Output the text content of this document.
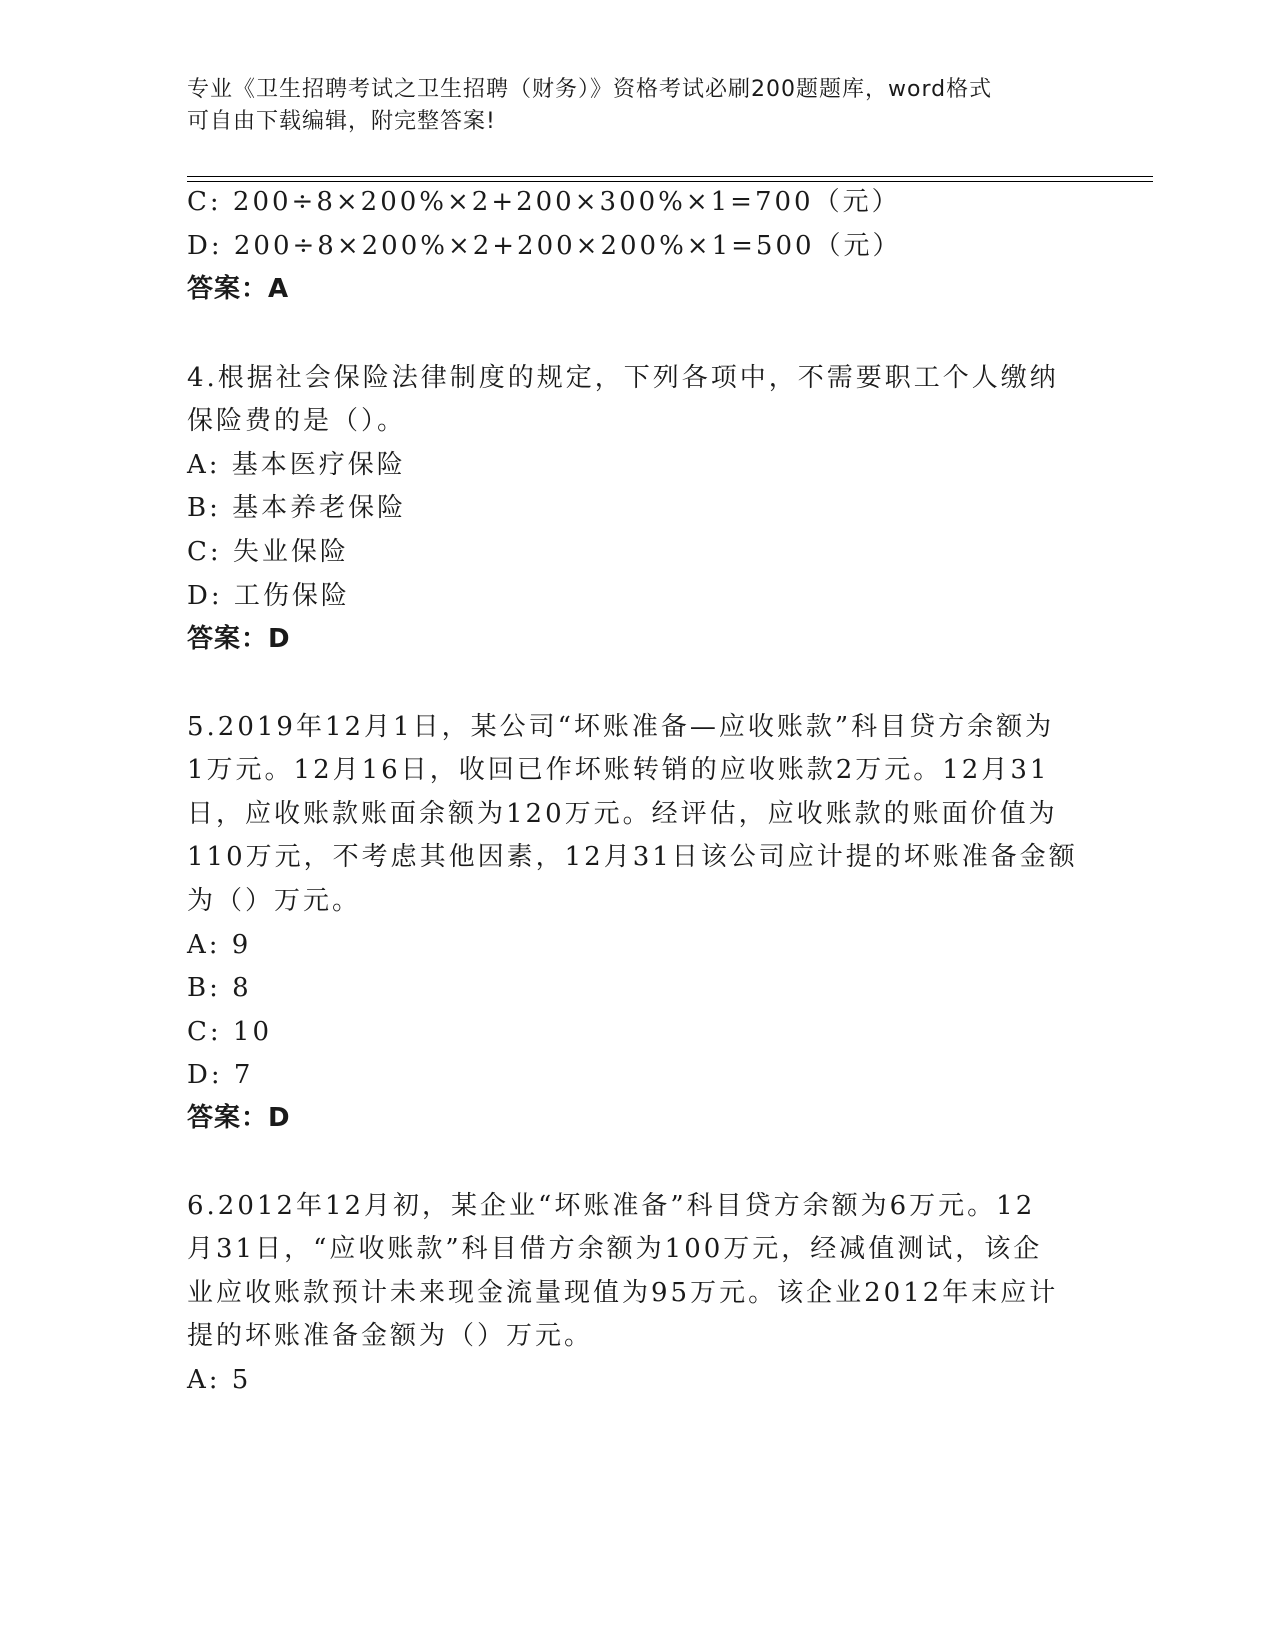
专业《卫生招聘考试之卫生招聘（财务）》资格考试必刷200题题库，word格式
可自由下载编辑，附完整答案!
C: 200÷8×200%×2+200×300%×1=700（元）
D: 200÷8×200%×2+200×200%×1=500（元）
答案：A
4.根据社会保险法律制度的规定，下列各项中，不需要职工个人缴纳
保险费的是（）。
A: 基本医疗保险
B: 基本养老保险
C: 失业保险
D: 工伤保险
答案：D
5.2019年12月1日，某公司“坏账准备—应收账款”科目贷方余额为
1万元。12月16日，收回已作坏账转销的应收账款2万元。12月31
日，应收账款账面余额为120万元。经评估，应收账款的账面价值为
110万元，不考虑其他因素，12月31日该公司应计提的坏账准备金额
为（）万元。
A: 9
B: 8
C: 10
D: 7
答案：D
6.2012年12月初，某企业“坏账准备”科目贷方余额为6万元。12
月31日，“应收账款”科目借方余额为100万元，经减值测试，该企
业应收账款预计未来现金流量现值为95万元。该企业2012年末应计
提的坏账准备金额为（）万元。
A: 5
